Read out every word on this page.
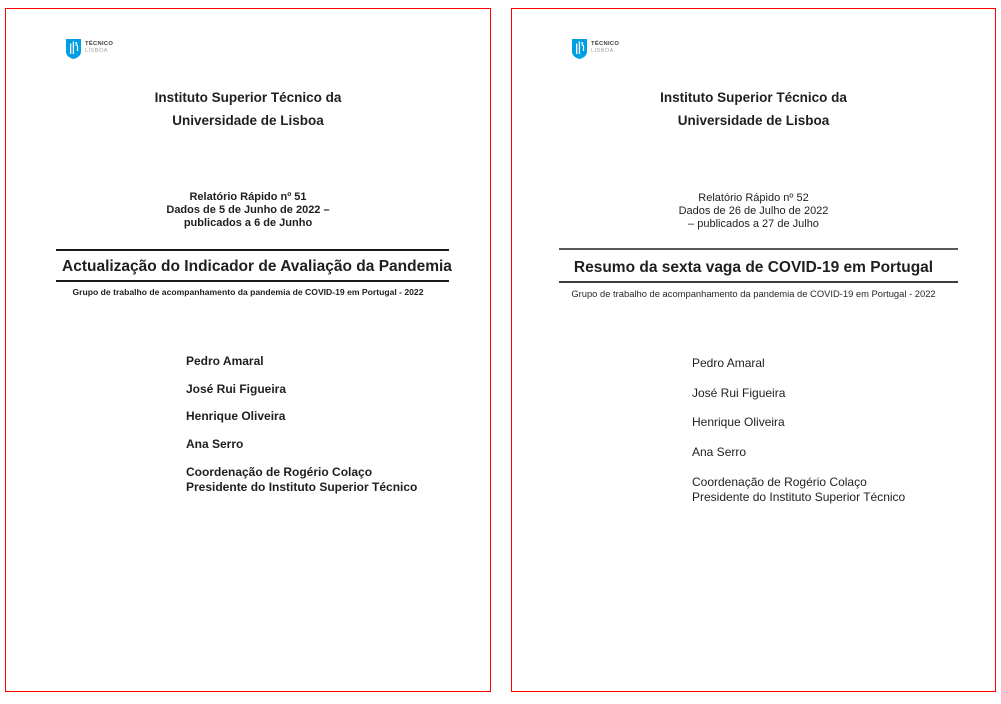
TÉCNICO
LISBOA
Instituto Superior Técnico da
Universidade de Lisboa
Relatório Rápido nº 51
Dados de 5 de Junho de 2022 –
publicados a 6 de Junho
Actualização do Indicador de Avaliação da Pandemia
Grupo de trabalho de acompanhamento da pandemia de COVID-19 em Portugal - 2022
Pedro Amaral
José Rui Figueira
Henrique Oliveira
Ana Serro
Coordenação de Rogério Colaço
Presidente do Instituto Superior Técnico
TÉCNICO
LISBOA
Instituto Superior Técnico da
Universidade de Lisboa
Relatório Rápido nº 52
Dados de 26 de Julho de 2022
– publicados a 27 de Julho
Resumo da sexta vaga de COVID-19 em Portugal
Grupo de trabalho de acompanhamento da pandemia de COVID-19 em Portugal - 2022
Pedro Amaral
José Rui Figueira
Henrique Oliveira
Ana Serro
Coordenação de Rogério Colaço
Presidente do Instituto Superior Técnico
